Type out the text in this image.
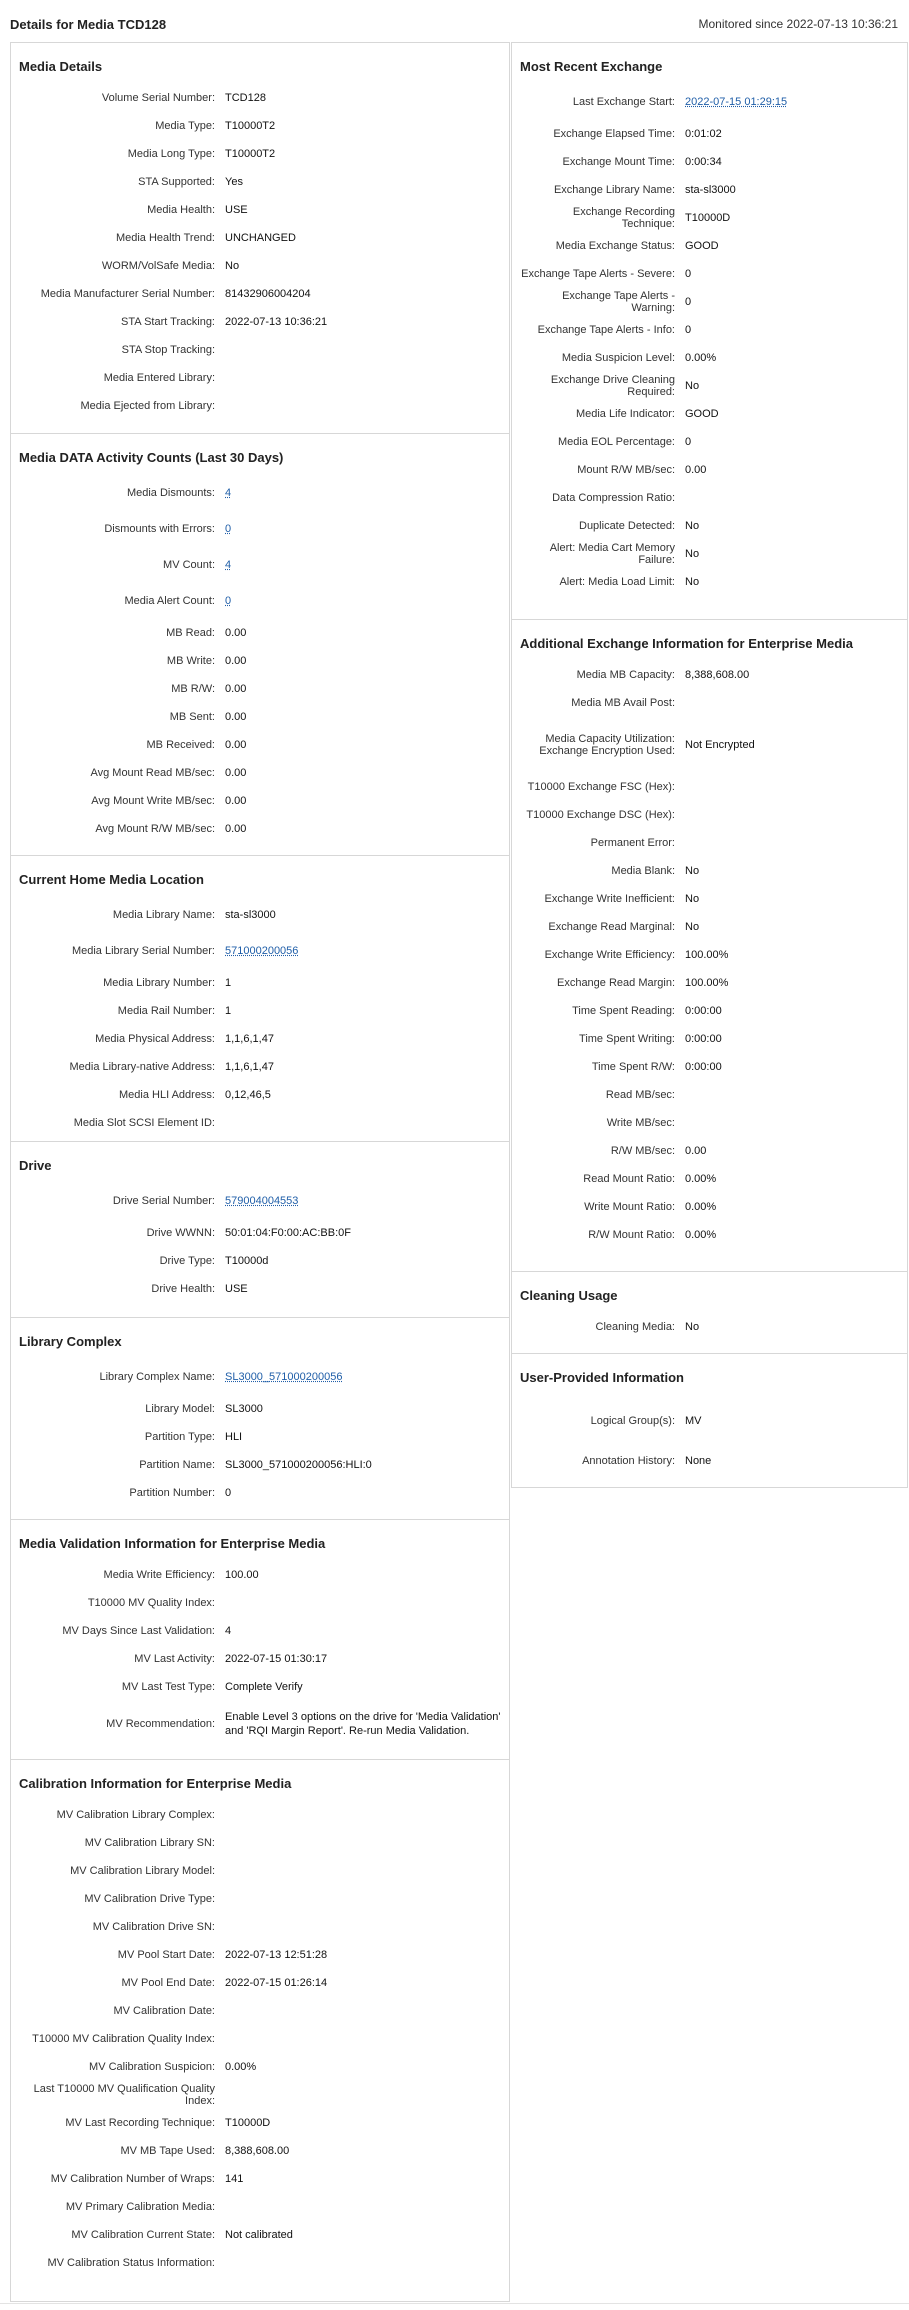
Details for Media TCD128	Monitored since 2022-07-13 10:36:21
Media Details
Volume Serial Number: TCD128
Media Type: T10000T2
Media Long Type: T10000T2
STA Supported: Yes
Media Health: USE
Media Health Trend: UNCHANGED
WORM/VolSafe Media: No
Media Manufacturer Serial Number: 81432906004204
STA Start Tracking: 2022-07-13 10:36:21
STA Stop Tracking:
Media Entered Library:
Media Ejected from Library:
Media DATA Activity Counts (Last 30 Days)
Media Dismounts: 4
Dismounts with Errors: 0
MV Count: 4
Media Alert Count: 0
MB Read: 0.00
MB Write: 0.00
MB R/W: 0.00
MB Sent: 0.00
MB Received: 0.00
Avg Mount Read MB/sec: 0.00
Avg Mount Write MB/sec: 0.00
Avg Mount R/W MB/sec: 0.00
Current Home Media Location
Media Library Name: sta-sl3000
Media Library Serial Number: 571000200056
Media Library Number: 1
Media Rail Number: 1
Media Physical Address: 1,1,6,1,47
Media Library-native Address: 1,1,6,1,47
Media HLI Address: 0,12,46,5
Media Slot SCSI Element ID:
Drive
Drive Serial Number: 579004004553
Drive WWNN: 50:01:04:F0:00:AC:BB:0F
Drive Type: T10000d
Drive Health: USE
Library Complex
Library Complex Name: SL3000_571000200056
Library Model: SL3000
Partition Type: HLI
Partition Name: SL3000_571000200056:HLI:0
Partition Number: 0
Media Validation Information for Enterprise Media
Media Write Efficiency: 100.00
T10000 MV Quality Index:
MV Days Since Last Validation: 4
MV Last Activity: 2022-07-15 01:30:17
MV Last Test Type: Complete Verify
MV Recommendation:
Enable Level 3 options on the drive for 'Media Validation' and 'RQI Margin Report'. Re-run Media Validation.
Calibration Information for Enterprise Media
MV Calibration Library Complex:
MV Calibration Library SN:
MV Calibration Library Model:
MV Calibration Drive Type:
MV Calibration Drive SN:
MV Pool Start Date: 2022-07-13 12:51:28
MV Pool End Date: 2022-07-15 01:26:14
MV Calibration Date:
T10000 MV Calibration Quality Index:
MV Calibration Suspicion: 0.00%
Last T10000 MV Qualification Quality Index:
MV Last Recording Technique: T10000D
MV MB Tape Used: 8,388,608.00
MV Calibration Number of Wraps: 141
MV Primary Calibration Media:
MV Calibration Current State: Not calibrated
MV Calibration Status Information:
Most Recent Exchange
Last Exchange Start: 2022-07-15 01:29:15
Exchange Elapsed Time: 0:01:02
Exchange Mount Time: 0:00:34
Exchange Library Name: sta-sl3000
Exchange Recording Technique: T10000D
Media Exchange Status: GOOD
Exchange Tape Alerts - Severe: 0
Exchange Tape Alerts - Warning: 0
Exchange Tape Alerts - Info: 0
Media Suspicion Level: 0.00%
Exchange Drive Cleaning Required: No
Media Life Indicator: GOOD
Media EOL Percentage: 0
Mount R/W MB/sec: 0.00
Data Compression Ratio:
Duplicate Detected: No
Alert: Media Cart Memory Failure: No
Alert: Media Load Limit: No
Additional Exchange Information for Enterprise Media
Media MB Capacity: 8,388,608.00
Media MB Avail Post:
Media Capacity Utilization: Exchange Encryption Used: Not Encrypted
T10000 Exchange FSC (Hex):
T10000 Exchange DSC (Hex):
Permanent Error:
Media Blank: No
Exchange Write Inefficient: No
Exchange Read Marginal: No
Exchange Write Efficiency: 100.00%
Exchange Read Margin: 100.00%
Time Spent Reading: 0:00:00
Time Spent Writing: 0:00:00
Time Spent R/W: 0:00:00
Read MB/sec:
Write MB/sec:
R/W MB/sec: 0.00
Read Mount Ratio: 0.00%
Write Mount Ratio: 0.00%
R/W Mount Ratio: 0.00%
Cleaning Usage
Cleaning Media: No
User-Provided Information
Logical Group(s): MV
Annotation History: None
